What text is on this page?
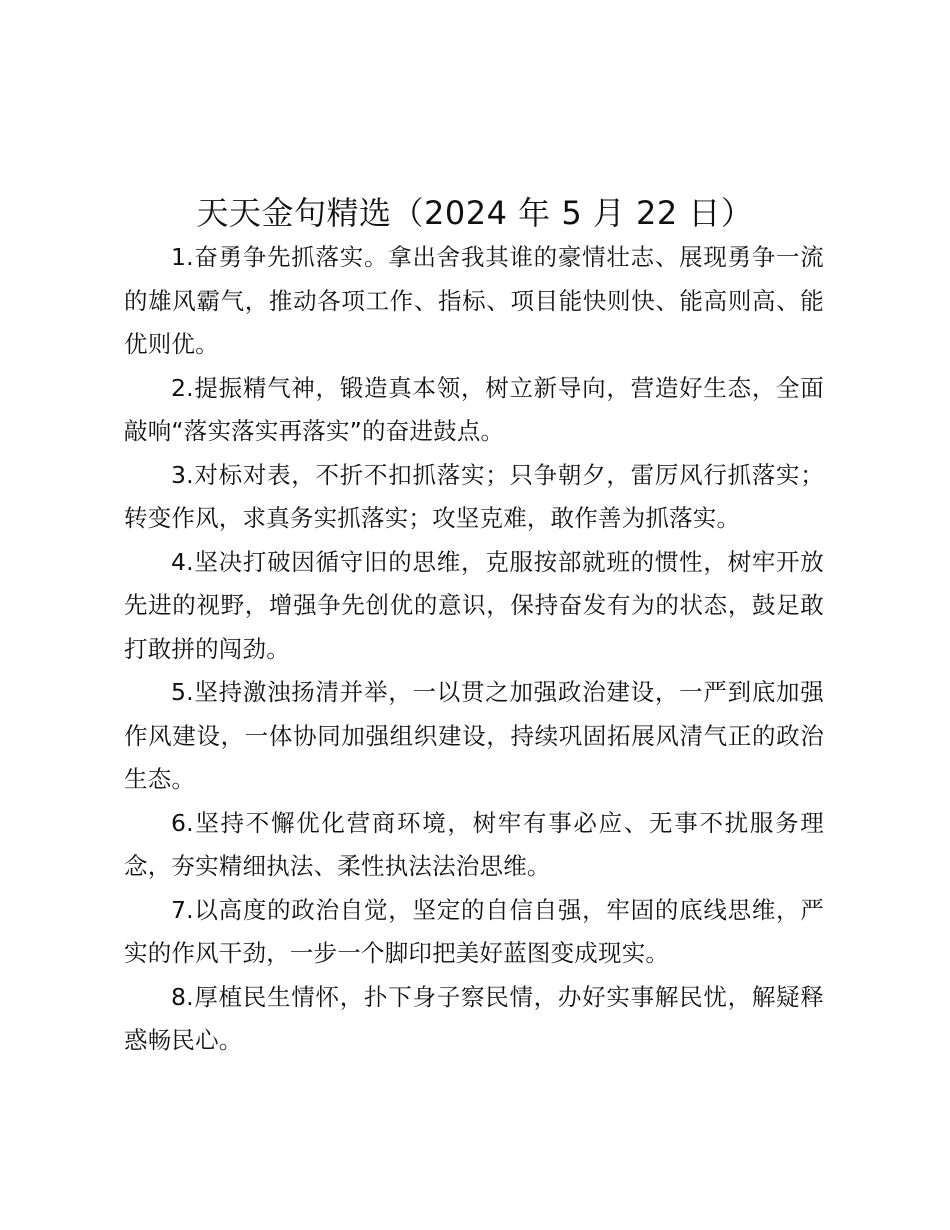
天天金句精选（2024 年 5 月 22 日）

1.奋勇争先抓落实。拿出舍我其谁的豪情壮志、展现勇争一流的雄风霸气，推动各项工作、指标、项目能快则快、能高则高、能优则优。

2.提振精气神，锻造真本领，树立新导向，营造好生态，全面敲响“落实落实再落实”的奋进鼓点。

3.对标对表，不折不扣抓落实；只争朝夕，雷厉风行抓落实；转变作风，求真务实抓落实；攻坚克难，敢作善为抓落实。

4.坚决打破因循守旧的思维，克服按部就班的惯性，树牢开放先进的视野，增强争先创优的意识，保持奋发有为的状态，鼓足敢打敢拼的闯劲。

5.坚持激浊扬清并举，一以贯之加强政治建设，一严到底加强作风建设，一体协同加强组织建设，持续巩固拓展风清气正的政治生态。

6.坚持不懈优化营商环境，树牢有事必应、无事不扰服务理念，夯实精细执法、柔性执法法治思维。

7.以高度的政治自觉，坚定的自信自强，牢固的底线思维，严实的作风干劲，一步一个脚印把美好蓝图变成现实。

8.厚植民生情怀，扑下身子察民情，办好实事解民忧，解疑释惑畅民心。
